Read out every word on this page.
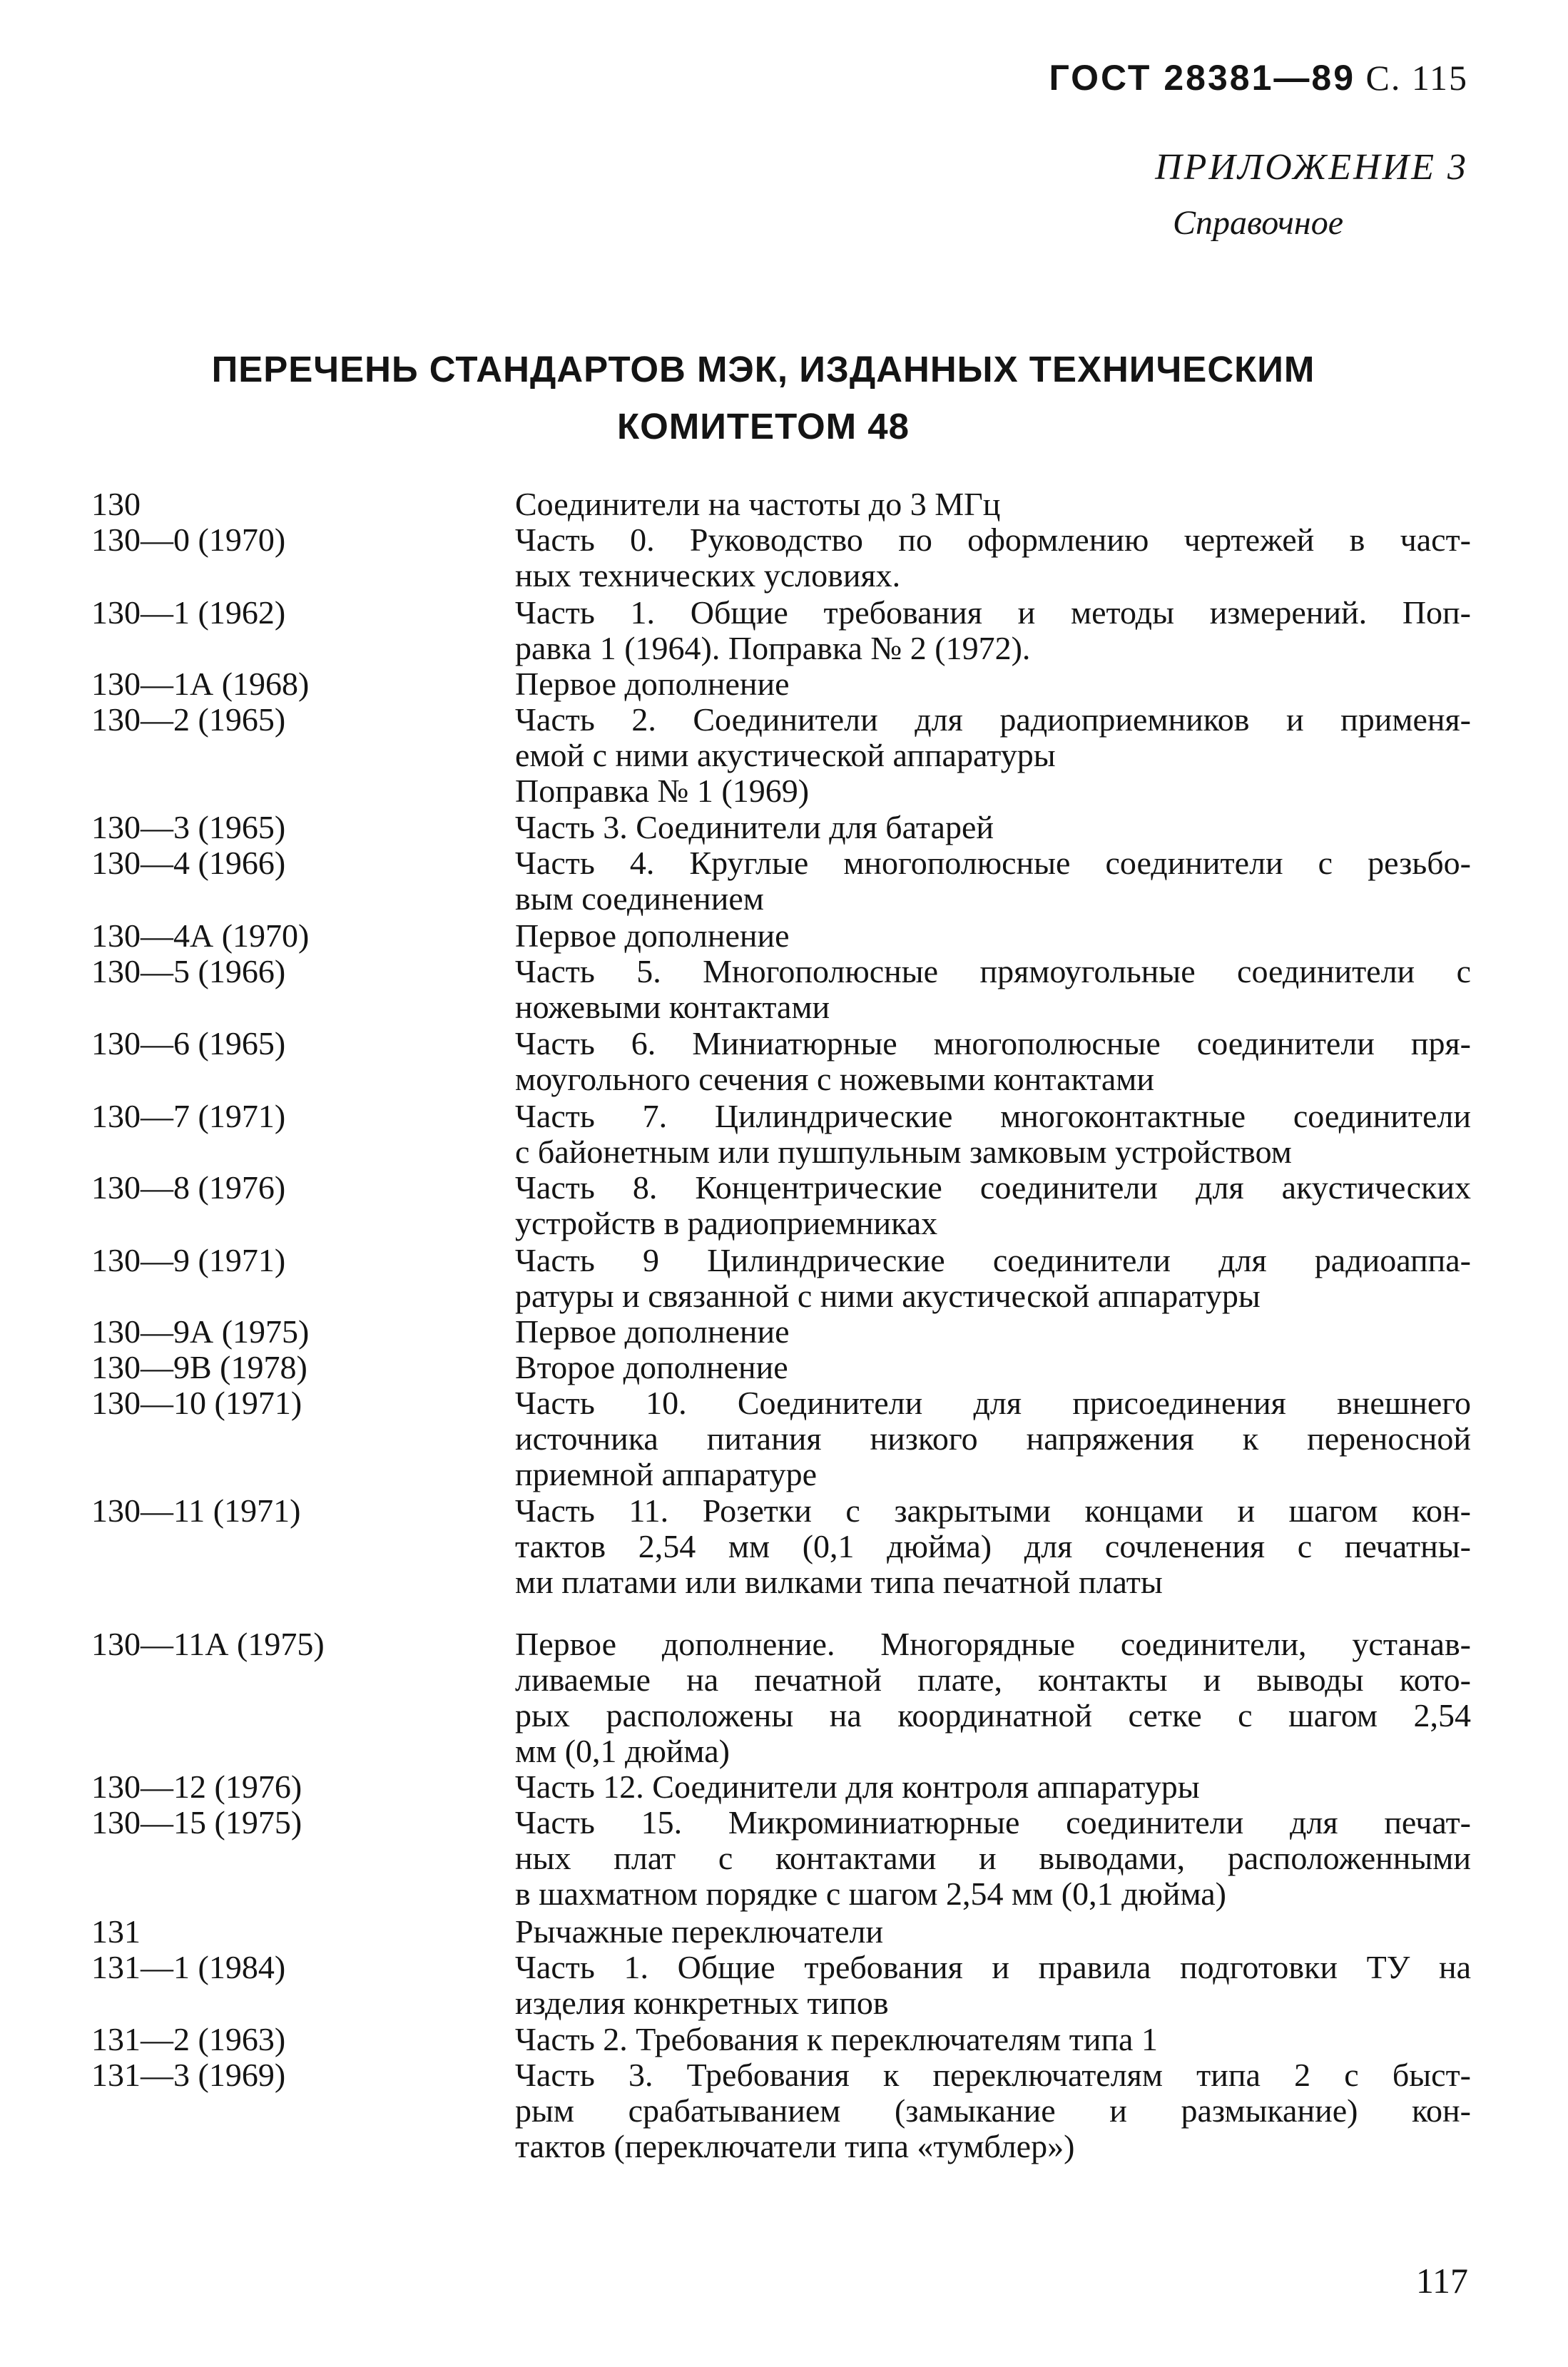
ГОСТ 28381—89 С. 115
ПРИЛОЖЕНИЕ 3
Справочное
ПЕРЕЧЕНЬ СТАНДАРТОВ МЭК, ИЗДАННЫХ ТЕХНИЧЕСКИМ
КОМИТЕТОМ 48
130	Соединители на частоты до 3 МГц
130—0 (1970)	Часть 0. Руководство по оформлению чертежей в част-
ных технических условиях.
130—1 (1962)	Часть 1. Общие требования и методы измерений. Поп-
равка 1 (1964). Поправка № 2 (1972).
130—1А (1968)	Первое дополнение
130—2 (1965)	Часть 2. Соединители для радиоприемников и применя-
емой с ними акустической аппаратуры
Поправка № 1 (1969)
130—3 (1965)	Часть 3. Соединители для батарей
130—4 (1966)	Часть 4. Круглые многополюсные соединители с резьбо-
вым соединением
130—4А (1970)	Первое дополнение
130—5 (1966)	Часть 5. Многополюсные прямоугольные соединители с
ножевыми контактами
130—6 (1965)	Часть 6. Миниатюрные многополюсные соединители пря-
моугольного сечения с ножевыми контактами
130—7 (1971)	Часть 7. Цилиндрические многоконтактные соединители
с байонетным или пушпульным замковым устройством
130—8 (1976)	Часть 8. Концентрические соединители для акустических
устройств в радиоприемниках
130—9 (1971)	Часть 9 Цилиндрические соединители для радиоаппа-
ратуры и связанной с ними акустической аппаратуры
130—9А (1975)	Первое дополнение
130—9В (1978)	Второе дополнение
130—10 (1971)	Часть 10. Соединители для присоединения внешнего
источника питания низкого напряжения к переносной
приемной аппаратуре
130—11 (1971)	Часть 11. Розетки с закрытыми концами и шагом кон-
тактов 2,54 мм (0,1 дюйма) для сочленения с печатны-
ми платами или вилками типа печатной платы
130—11А (1975)	Первое дополнение. Многорядные соединители, устанав-
ливаемые на печатной плате, контакты и выводы кото-
рых расположены на координатной сетке с шагом 2,54
мм (0,1 дюйма)
130—12 (1976)	Часть 12. Соединители для контроля аппаратуры
130—15 (1975)	Часть 15. Микроминиатюрные соединители для печат-
ных плат с контактами и выводами, расположенными
в шахматном порядке с шагом 2,54 мм (0,1 дюйма)
131	Рычажные переключатели
131—1 (1984)	Часть 1. Общие требования и правила подготовки ТУ на
изделия конкретных типов
131—2 (1963)	Часть 2. Требования к переключателям типа 1
131—3 (1969)	Часть 3. Требования к переключателям типа 2 с быст-
рым срабатыванием (замыкание и размыкание) кон-
тактов (переключатели типа «тумблер»)
117
